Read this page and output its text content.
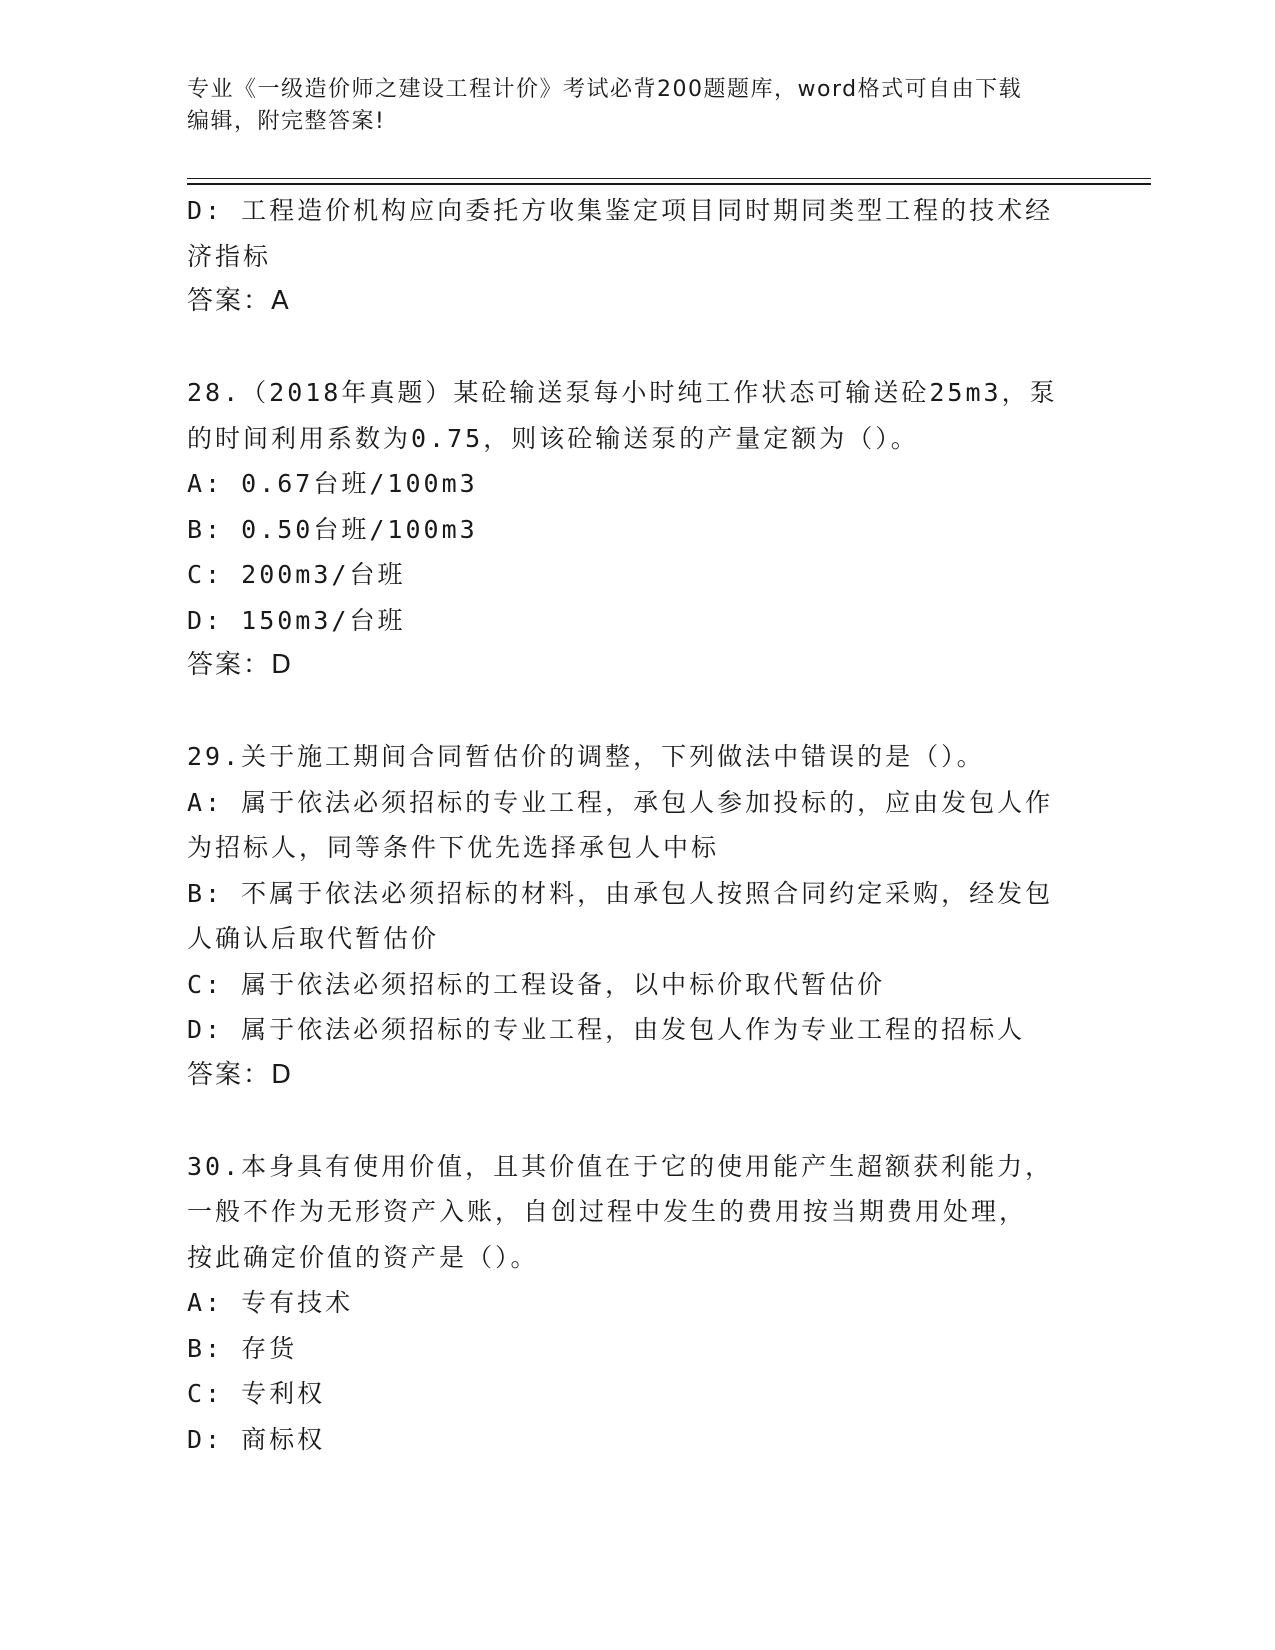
专业《一级造价师之建设工程计价》考试必背200题题库，word格式可自由下载
编辑，附完整答案!
D: 工程造价机构应向委托方收集鉴定项目同时期同类型工程的技术经
济指标
答案：A
28.（2018年真题）某砼输送泵每小时纯工作状态可输送砼25m3，泵
的时间利用系数为0.75，则该砼输送泵的产量定额为（）。
A: 0.67台班/100m3
B: 0.50台班/100m3
C: 200m3/台班
D: 150m3/台班
答案：D
29.关于施工期间合同暂估价的调整，下列做法中错误的是（）。
A: 属于依法必须招标的专业工程，承包人参加投标的，应由发包人作
为招标人，同等条件下优先选择承包人中标
B: 不属于依法必须招标的材料，由承包人按照合同约定采购，经发包
人确认后取代暂估价
C: 属于依法必须招标的工程设备，以中标价取代暂估价
D: 属于依法必须招标的专业工程，由发包人作为专业工程的招标人
答案：D
30.本身具有使用价值，且其价值在于它的使用能产生超额获利能力，
一般不作为无形资产入账，自创过程中发生的费用按当期费用处理，
按此确定价值的资产是（）。
A: 专有技术
B: 存货
C: 专利权
D: 商标权
